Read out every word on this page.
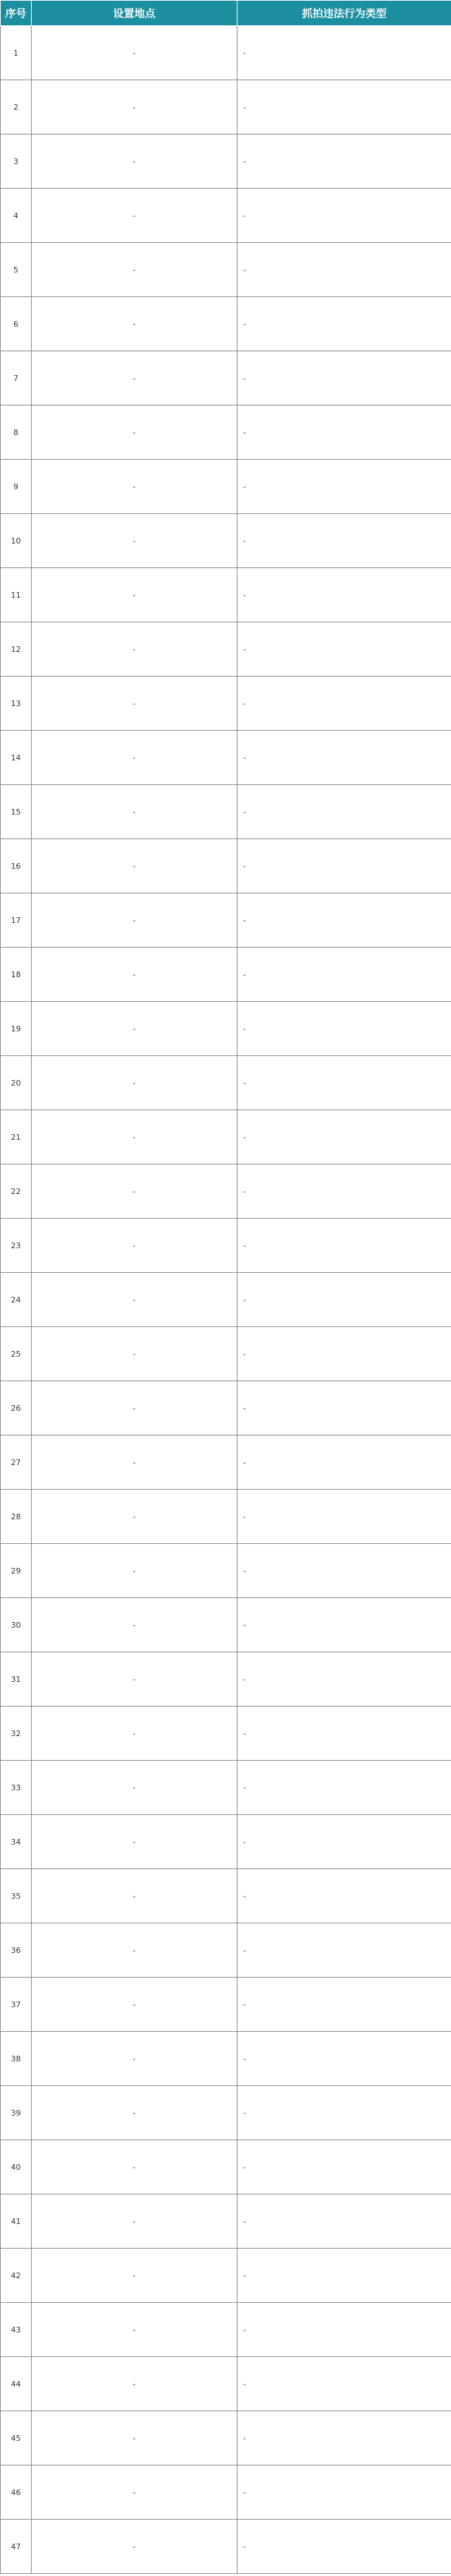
序号	设置地点	抓拍违法行为类型
1	-	-
2	-	-
3	-	-
4	-	-
5	-	-
6	-	-
7	-	-
8	-	-
9	-	-
10	-	-
11	-	-
12	-	-
13	-	-
14	-	-
15	-	-
16	-	-
17	-	-
18	-	-
19	-	-
20	-	-
21	-	-
22	-	-
23	-	-
24	-	-
25	-	-
26	-	-
27	-	-
28	-	-
29	-	-
30	-	-
31	-	-
32	-	-
33	-	-
34	-	-
35	-	-
36	-	-
37	-	-
38	-	-
39	-	-
40	-	-
41	-	-
42	-	-
43	-	-
44	-	-
45	-	-
46	-	-
47	-	-
